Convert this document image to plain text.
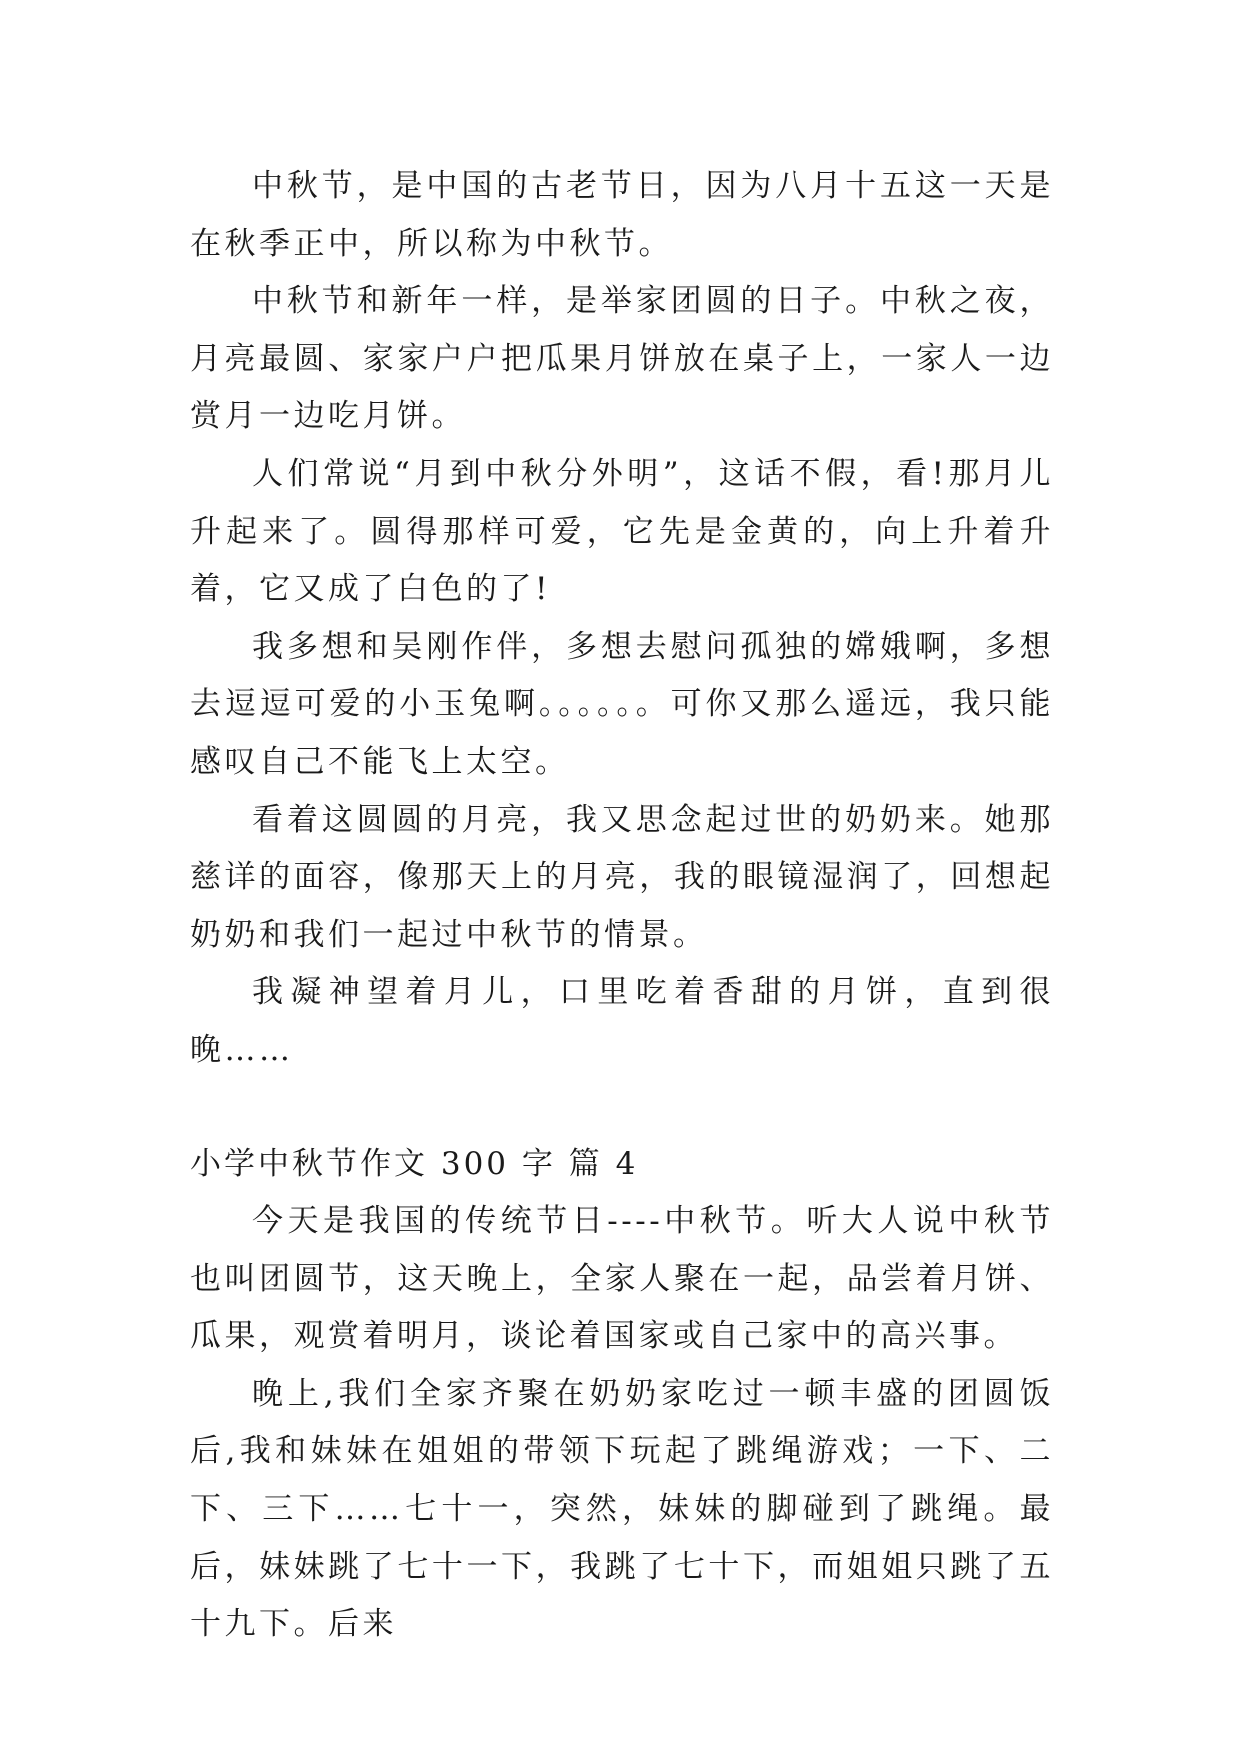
中秋节，是中国的古老节日，因为八月十五这一天是在秋季正中，所以称为中秋节。

中秋节和新年一样，是举家团圆的日子。中秋之夜，月亮最圆、家家户户把瓜果月饼放在桌子上，一家人一边赏月一边吃月饼。

人们常说“月到中秋分外明”，这话不假，看!那月儿升起来了。圆得那样可爱，它先是金黄的，向上升着升着，它又成了白色的了!

我多想和吴刚作伴，多想去慰问孤独的嫦娥啊，多想去逗逗可爱的小玉兔啊。。。。。。可你又那么遥远，我只能感叹自己不能飞上太空。

看着这圆圆的月亮，我又思念起过世的奶奶来。她那慈详的面容，像那天上的月亮，我的眼镜湿润了，回想起奶奶和我们一起过中秋节的情景。

我凝神望着月儿，口里吃着香甜的月饼，直到很晚……

小学中秋节作文 300 字 篇 4

今天是我国的传统节日----中秋节。听大人说中秋节也叫团圆节，这天晚上，全家人聚在一起，品尝着月饼、瓜果，观赏着明月，谈论着国家或自己家中的高兴事。

晚上,我们全家齐聚在奶奶家吃过一顿丰盛的团圆饭后,我和妹妹在姐姐的带领下玩起了跳绳游戏；一下、二下、三下……七十一，突然，妹妹的脚碰到了跳绳。最后，妹妹跳了七十一下，我跳了七十下，而姐姐只跳了五十九下。后来
